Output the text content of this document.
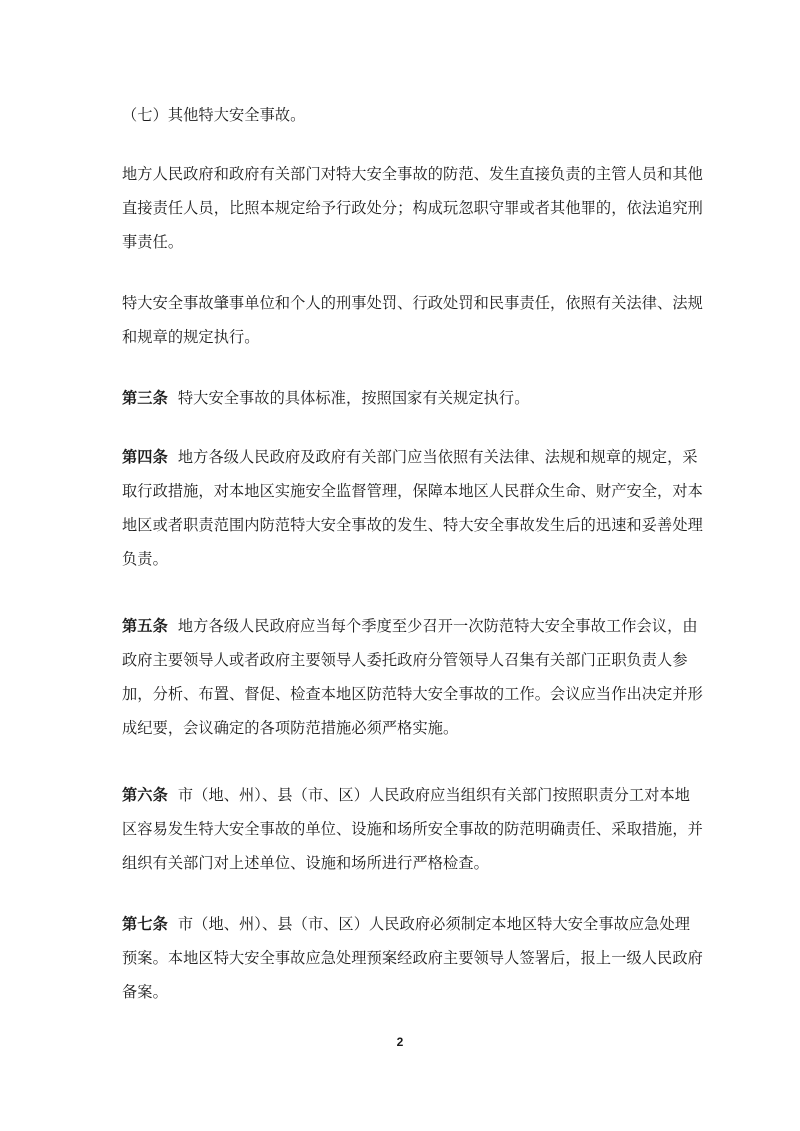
（七）其他特大安全事故。
地方人民政府和政府有关部门对特大安全事故的防范、发生直接负责的主管人员和其他
直接责任人员，比照本规定给予行政处分；构成玩忽职守罪或者其他罪的，依法追究刑
事责任。
特大安全事故肇事单位和个人的刑事处罚、行政处罚和民事责任，依照有关法律、法规
和规章的规定执行。
第三条 特大安全事故的具体标准，按照国家有关规定执行。
第四条 地方各级人民政府及政府有关部门应当依照有关法律、法规和规章的规定，采
取行政措施，对本地区实施安全监督管理，保障本地区人民群众生命、财产安全，对本
地区或者职责范围内防范特大安全事故的发生、特大安全事故发生后的迅速和妥善处理
负责。
第五条 地方各级人民政府应当每个季度至少召开一次防范特大安全事故工作会议，由
政府主要领导人或者政府主要领导人委托政府分管领导人召集有关部门正职负责人参
加，分析、布置、督促、检查本地区防范特大安全事故的工作。会议应当作出决定并形
成纪要，会议确定的各项防范措施必须严格实施。
第六条 市（地、州）、县（市、区）人民政府应当组织有关部门按照职责分工对本地
区容易发生特大安全事故的单位、设施和场所安全事故的防范明确责任、采取措施，并
组织有关部门对上述单位、设施和场所进行严格检查。
第七条 市（地、州）、县（市、区）人民政府必须制定本地区特大安全事故应急处理
预案。本地区特大安全事故应急处理预案经政府主要领导人签署后，报上一级人民政府
备案。
2
